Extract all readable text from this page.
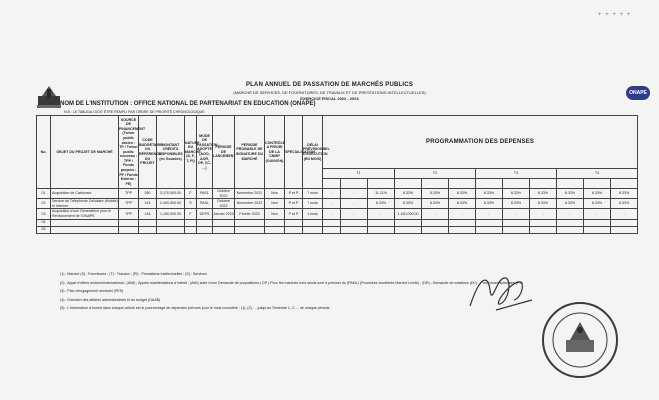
+ + + + +
ONAPE
PLAN ANNUEL DE PASSATION DE MARCHÉS PUBLICS
(MARCHÉ DE SERVICES, DE FOURNITURES, DE TRAVAUX ET DE PRESTATIONS INTELLECTUELLES)
EXERCICE FISCAL 2022 - 2023
NOM DE L'INSTITUTION : OFFICE NATIONAL DE PARTENARIAT EN EDUCATION (ONAPE)
N.B : LE TABLEAU DOIT ÊTRE REMPLI PAR ORDRE DE PRIORITÉ CHRONOLOGIQUE
No.	OBJET DU PROJET DE MARCHÉ	SOURCE DE FINANCEMENT (Trésor public ancien : TP / Trésor public nouveau : TPP / Fonds propres : FP / Fonds Externe : FE)	CODE BUDGÉTAIRE OU RÉFÉRENCE DU PROJET	MONTANT CRÉDITS DISPONIBLES (en Gourdes)	NATURE DU MARCHÉ (S, F, T, PI)	MODE DE PASSATION ADOPTÉ (AOO, AOR, DP, CC, ...)	PÉRIODE DE LANCEMENT	PÉRIODE PROBABLE DE SIGNATURE DU MARCHÉ	CONTRÔLE A PRIORI DE LA CNMP (OUI/NON)	SPÉCIALISATION	DÉLAI PRÉVISIONNEL D'EXÉCUTION (EN MOIS)	PROGRAMMATION DES DEPENSES											
												T1			T2			T3			T4		

01	Acquisition de Carburant	TPP	260	3,170,000.00	F	PASL	Octobre 2022	Novembre 2022	Non	P et P	7 mois	-	-	11.11%	8.33%	8.33%	8.33%	8.33%	8.33%	8.33%	8.33%	8.33%	8.33%
02	Service de Téléphonie Cellulaire (Mobile) et Internet	TPP	144	2,400,000.00	S	PASL	Octobre 2022	Novembre 2022	Non	P et P	7 mois	-	-	8.33%	8.33%	8.33%	8.33%	8.33%	8.33%	8.33%	8.33%	8.33%	8.33%
03	Acquisition d'une Génératrice pour le Renforcement de l'ONAPE	TPP	144	1,150,000.00	F	DEPS	Janvier 2023	Février 2023	Non	P et P	1 mois	-	-	-	1,150,000.00	-	-	-	-	-	-	-	-
04																							
05																							
(1) : Marché (S) : Fournitures ; (T) : Travaux ; (PI) : Prestations Intellectuelles ; (S) : Services
(2) : Appel d'offres restreint/international ; (AMI) ; Appels manifestations d'intérêt ; (AMI) suite d'une Demande de propositions ( DP ) Pour les marchés hors seuils sont à préciser du (PAML) (Procédure Accélérée Marché Limité) ; (DR) ; Demande de cotations (DC) ; Procédures spéciales (PS)
(3) : Plan d'engagement sectoriel (PES)
(4) : Direction des affaires administratives et du budget (DAAB)
(5) : L'information à fournir dans chaque cellule est le pourcentage de dépenses prévues pour le mois considéré ; (1), (2), ... jusqu'au Trimestre 1, 2, ... de chaque période
